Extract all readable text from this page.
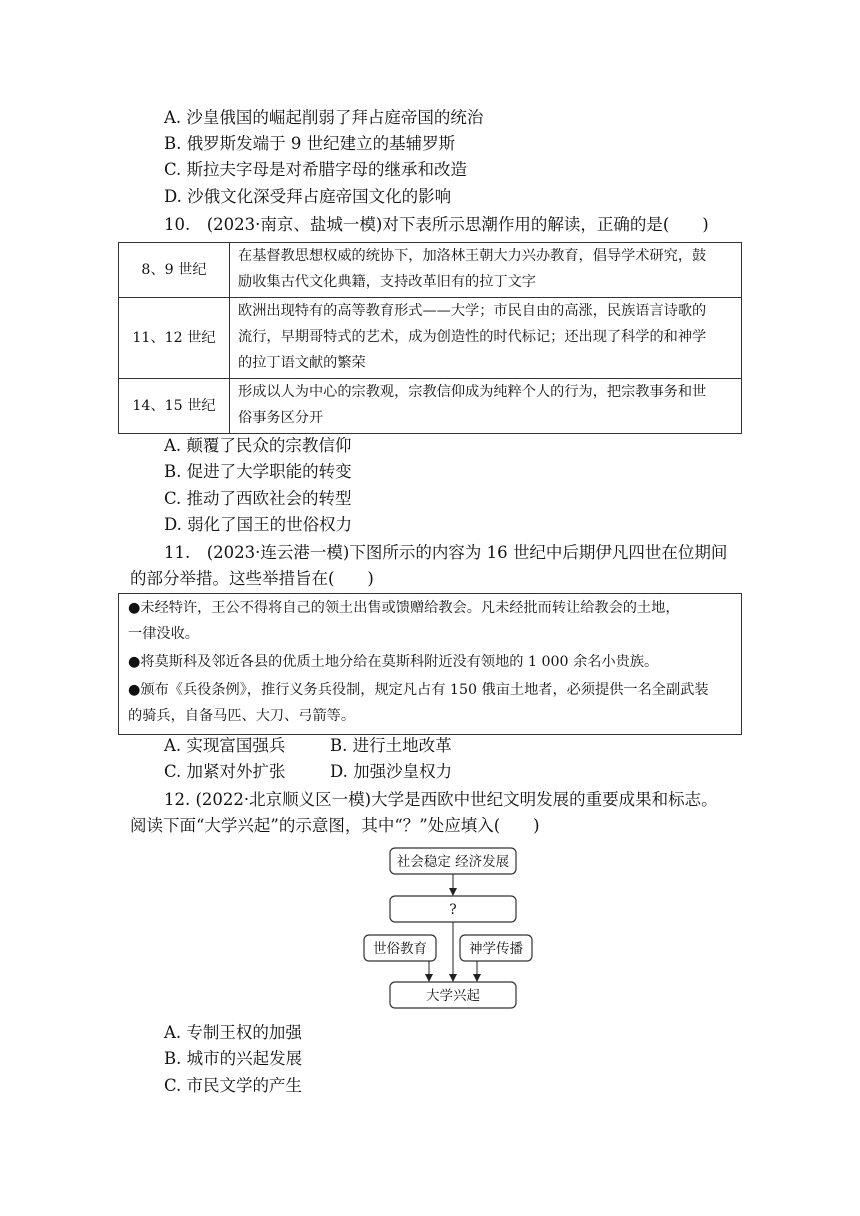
A. 沙皇俄国的崛起削弱了拜占庭帝国的统治
B. 俄罗斯发端于 9 世纪建立的基辅罗斯
C. 斯拉夫字母是对希腊字母的继承和改造
D. 沙俄文化深受拜占庭帝国文化的影响
10.　(2023·南京、盐城一模)对下表所示思潮作用的解读，正确的是(　　)
8、9 世纪	在基督教思想权威的统协下，加洛林王朝大力兴办教育，倡导学术研究，鼓
励收集古代文化典籍，支持改革旧有的拉丁文字

11、12 世纪	欧洲出现特有的高等教育形式——大学；市民自由的高涨，民族语言诗歌的
流行，早期哥特式的艺术，成为创造性的时代标记；还出现了科学的和神学
的拉丁语文献的繁荣

14、15 世纪	形成以人为中心的宗教观，宗教信仰成为纯粹个人的行为，把宗教事务和世
俗事务区分开
A. 颠覆了民众的宗教信仰
B. 促进了大学职能的转变
C. 推动了西欧社会的转型
D. 弱化了国王的世俗权力
11.　(2023·连云港一模)下图所示的内容为 16 世纪中后期伊凡四世在位期间
的部分举措。这些举措旨在(　　)
●未经特许，王公不得将自己的领土出售或馈赠给教会。凡未经批而转让给教会的土地，
一律没收。
●将莫斯科及邻近各县的优质土地分给在莫斯科附近没有领地的 1 000 余名小贵族。
●颁布《兵役条例》，推行义务兵役制，规定凡占有 150 俄亩土地者，必须提供一名全副武装
的骑兵，自备马匹、大刀、弓箭等。
A. 实现富国强兵	B. 进行土地改革
C. 加紧对外扩张	D. 加强沙皇权力
12. (2022·北京顺义区一模)大学是西欧中世纪文明发展的重要成果和标志。
阅读下面“大学兴起”的示意图，其中“？”处应填入(　　)
社会稳定 经济发展
?
世俗教育	神学传播
大学兴起
A. 专制王权的加强
B. 城市的兴起发展
C. 市民文学的产生
